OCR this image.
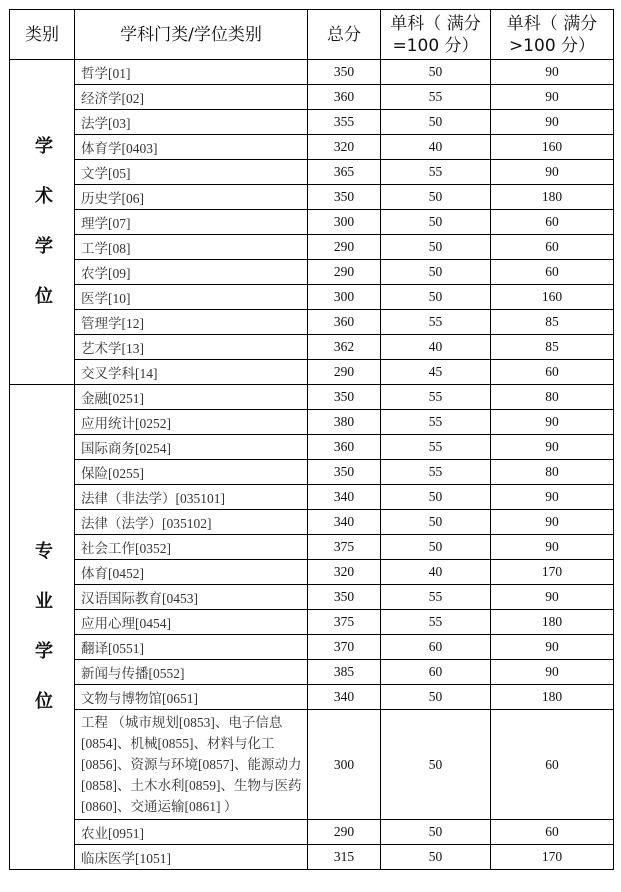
类别	学科门类/学位类别	总分	单科（ 满分=100 分）	单科（ 满分>100 分）
学术学位	哲学[01]	350	50	90
	经济学[02]	360	55	90
	法学[03]	355	50	90
	体育学[0403]	320	40	160
	文学[05]	365	55	90
	历史学[06]	350	50	180
	理学[07]	300	50	60
	工学[08]	290	50	60
	农学[09]	290	50	60
	医学[10]	300	50	160
	管理学[12]	360	55	85
	艺术学[13]	362	40	85
	交叉学科[14]	290	45	60
专业学位	金融[0251]	350	55	80
	应用统计[0252]	380	55	90
	国际商务[0254]	360	55	90
	保险[0255]	350	55	80
	法律（非法学）[035101]	340	50	90
	法律（法学）[035102]	340	50	90
	社会工作[0352]	375	50	90
	体育[0452]	320	40	170
	汉语国际教育[0453]	350	55	90
	应用心理[0454]	375	55	180
	翻译[0551]	370	60	90
	新闻与传播[0552]	385	60	90
	文物与博物馆[0651]	340	50	180
	工程 （城市规划[0853]、电子信息[0854]、机械[0855]、材料与化工[0856]、资源与环境[0857]、能源动力[0858]、土木水利[0859]、生物与医药[0860]、交通运输[0861] ）	300	50	60
	农业[0951]	290	50	60
	临床医学[1051]	315	50	170
